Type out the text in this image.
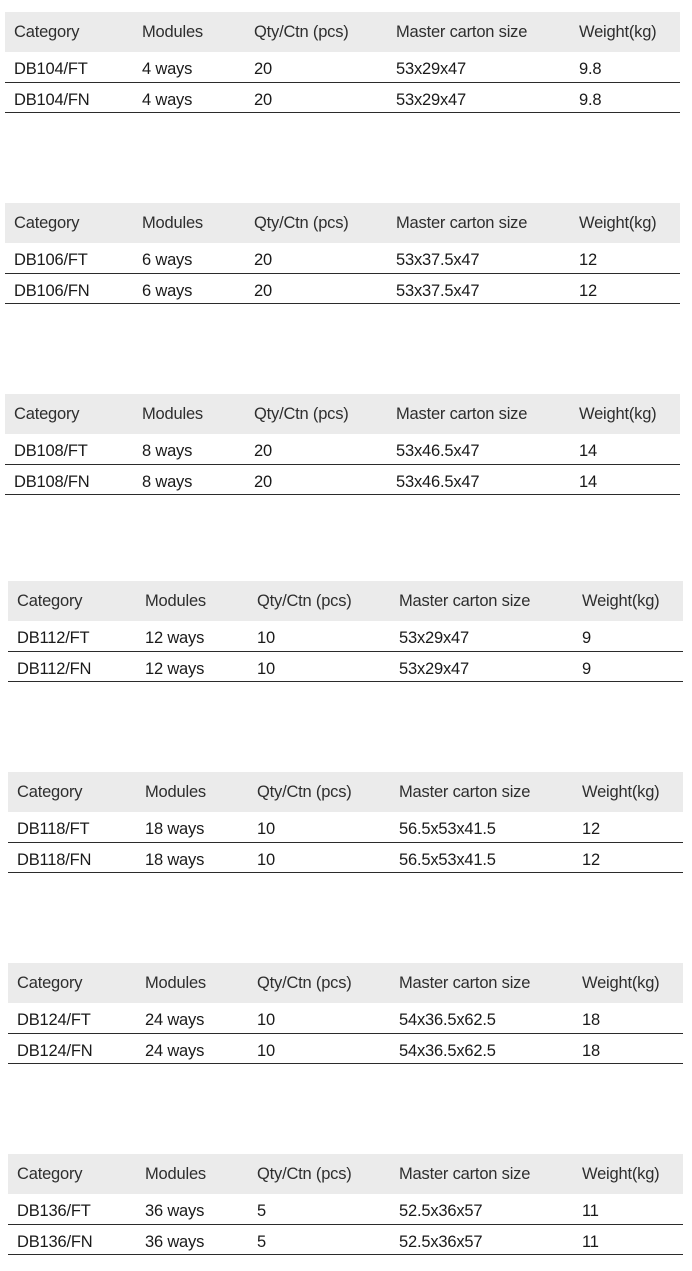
Category	Modules	Qty/Ctn (pcs)	Master carton size	Weight(kg)
DB104/FT	4 ways	20	53x29x47	9.8
DB104/FN	4 ways	20	53x29x47	9.8
Category	Modules	Qty/Ctn (pcs)	Master carton size	Weight(kg)
DB106/FT	6 ways	20	53x37.5x47	12
DB106/FN	6 ways	20	53x37.5x47	12
Category	Modules	Qty/Ctn (pcs)	Master carton size	Weight(kg)
DB108/FT	8 ways	20	53x46.5x47	14
DB108/FN	8 ways	20	53x46.5x47	14
Category	Modules	Qty/Ctn (pcs)	Master carton size	Weight(kg)
DB112/FT	12 ways	10	53x29x47	9
DB112/FN	12 ways	10	53x29x47	9
Category	Modules	Qty/Ctn (pcs)	Master carton size	Weight(kg)
DB118/FT	18 ways	10	56.5x53x41.5	12
DB118/FN	18 ways	10	56.5x53x41.5	12
Category	Modules	Qty/Ctn (pcs)	Master carton size	Weight(kg)
DB124/FT	24 ways	10	54x36.5x62.5	18
DB124/FN	24 ways	10	54x36.5x62.5	18
Category	Modules	Qty/Ctn (pcs)	Master carton size	Weight(kg)
DB136/FT	36 ways	5	52.5x36x57	11
DB136/FN	36 ways	5	52.5x36x57	11
